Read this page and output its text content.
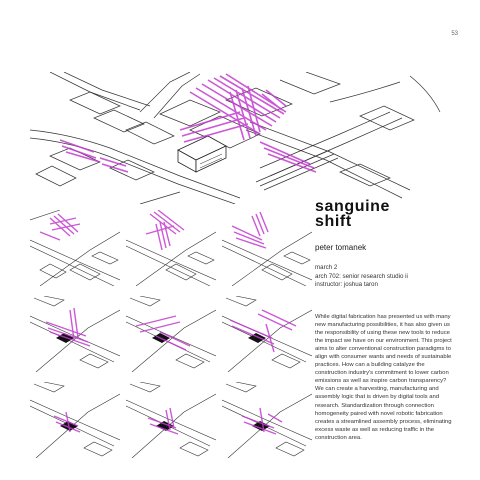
53
sanguine
shift
peter tomanek
march 2
arch 702: senior research studio ii
instructor: joshua taron
While digital fabrication has presented us with many new manufacturing possibilities, it has also given us the responsibility of using these new tools to reduce the impact we have on our environment. This project aims to alter conventional construction paradigms to align with consumer wants and needs of sustainable practices. How can a building catalyze the construction industry's commitment to lower carbon emissions as well as inspire carbon transparency? We can create a harvesting, manufacturing and assembly logic that is driven by digital tools and research. Standardization through connection homogeneity paired with novel robotic fabrication creates a streamlined assembly process, eliminating excess waste as well as reducing traffic in the construction area.
